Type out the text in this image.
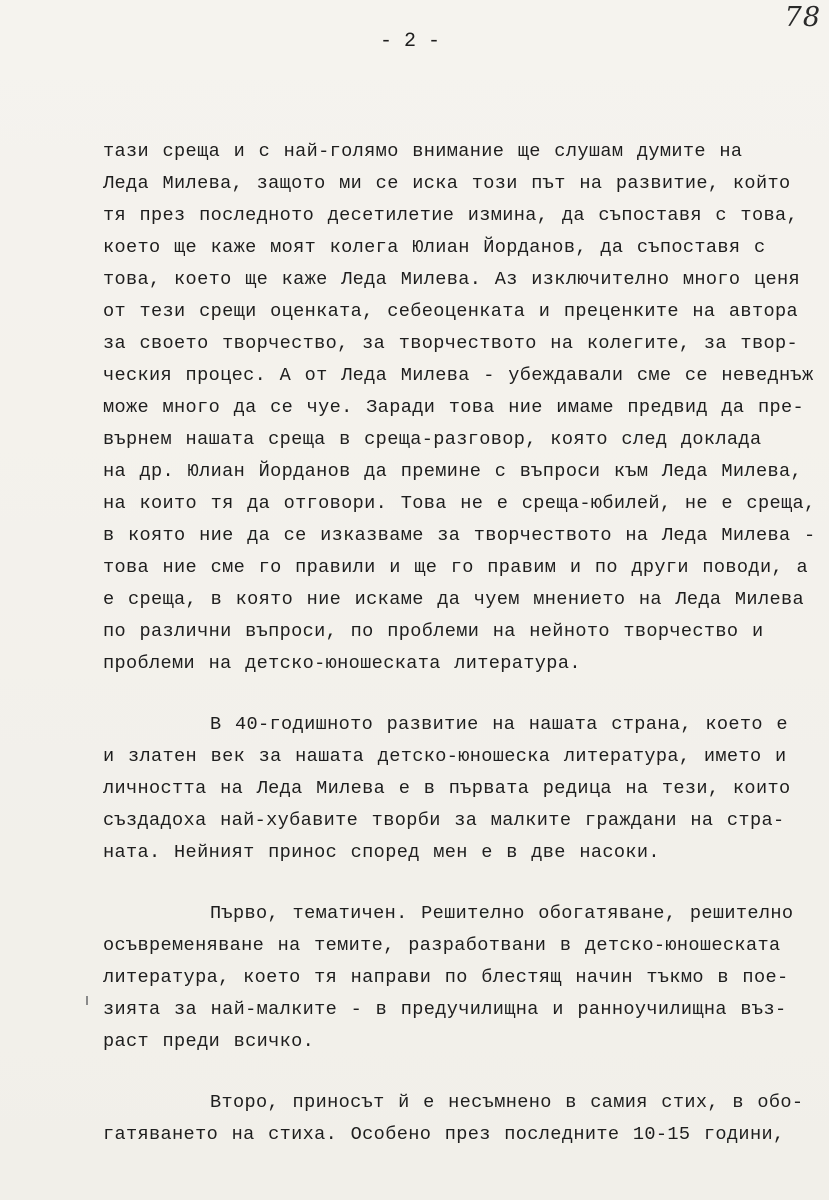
78
- 2 -
тази среща и с най-голямо внимание ще слушам думите на
Леда Милева, защото ми се иска този път на развитие, който
тя през последното десетилетие измина, да съпоставя с това,
което ще каже моят колега Юлиан Йорданов, да съпоставя с
това, което ще каже Леда Милева. Аз изключително много ценя
от тези срещи оценката, себеоценката и преценките на автора
за своето творчество, за творчеството на колегите, за твор-
ческия процес. А от Леда Милева - убеждавали сме се неведнъж
може много да се чуе. Заради това ние имаме предвид да пре-
върнем нашата среща в среща-разговор, която след доклада
на др. Юлиан Йорданов да премине с въпроси към Леда Милева,
на които тя да отговори. Това не е среща-юбилей, не е среща,
в която ние да се изказваме за творчеството на Леда Милева -
това ние сме го правили и ще го правим и по други поводи, а
е среща, в която ние искаме да чуем мнението на Леда Милева
по различни въпроси, по проблеми на нейното творчество и
проблеми на детско-юношеската литература.
В 40-годишното развитие на нашата страна, което е
и златен век за нашата детско-юношеска литература, името и
личността на Леда Милева е в първата редица на тези, които
създадоха най-хубавите творби за малките граждани на стра-
ната. Нейният принос според мен е в две насоки.
Първо, тематичен. Решително обогатяване, решително
осъвременяване на темите, разработвани в детско-юношеската
литература, което тя направи по блестящ начин тъкмо в пое-
зията за най-малките - в предучилищна и ранноучилищна въз-
раст преди всичко.
Второ, приносът й е несъмнено в самия стих, в обо-
гатяването на стиха. Особено през последните 10-15 години,
